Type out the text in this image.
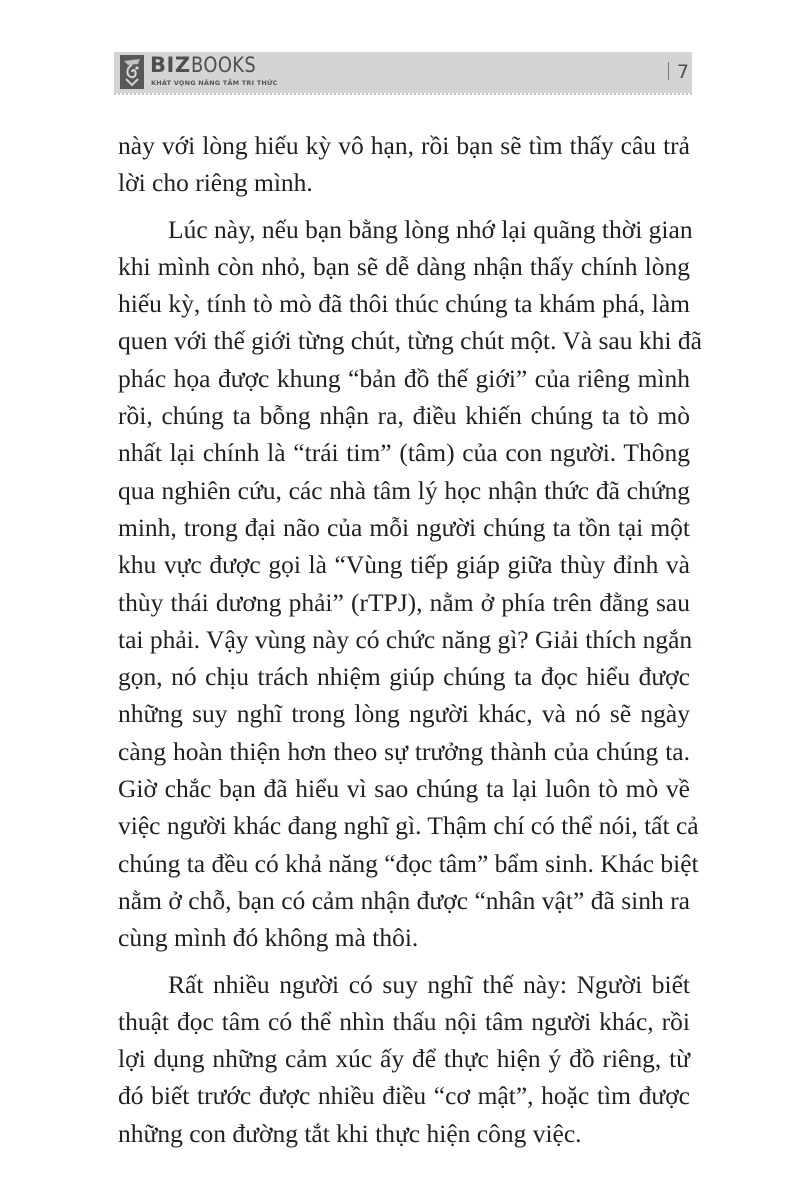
BIZBOOKS
KHÁT VỌNG NÂNG TẦM TRI THỨC	7

này với lòng hiếu kỳ vô hạn, rồi bạn sẽ tìm thấy câu trả
lời cho riêng mình.

Lúc này, nếu bạn bằng lòng nhớ lại quãng thời gian
khi mình còn nhỏ, bạn sẽ dễ dàng nhận thấy chính lòng
hiếu kỳ, tính tò mò đã thôi thúc chúng ta khám phá, làm
quen với thế giới từng chút, từng chút một. Và sau khi đã
phác họa được khung “bản đồ thế giới” của riêng mình
rồi, chúng ta bỗng nhận ra, điều khiến chúng ta tò mò
nhất lại chính là “trái tim” (tâm) của con người. Thông
qua nghiên cứu, các nhà tâm lý học nhận thức đã chứng
minh, trong đại não của mỗi người chúng ta tồn tại một
khu vực được gọi là “Vùng tiếp giáp giữa thùy đỉnh và
thùy thái dương phải” (rTPJ), nằm ở phía trên đằng sau
tai phải. Vậy vùng này có chức năng gì? Giải thích ngắn
gọn, nó chịu trách nhiệm giúp chúng ta đọc hiểu được
những suy nghĩ trong lòng người khác, và nó sẽ ngày
càng hoàn thiện hơn theo sự trưởng thành của chúng ta.
Giờ chắc bạn đã hiểu vì sao chúng ta lại luôn tò mò về
việc người khác đang nghĩ gì. Thậm chí có thể nói, tất cả
chúng ta đều có khả năng “đọc tâm” bẩm sinh. Khác biệt
nằm ở chỗ, bạn có cảm nhận được “nhân vật” đã sinh ra
cùng mình đó không mà thôi.

Rất nhiều người có suy nghĩ thế này: Người biết
thuật đọc tâm có thể nhìn thấu nội tâm người khác, rồi
lợi dụng những cảm xúc ấy để thực hiện ý đồ riêng, từ
đó biết trước được nhiều điều “cơ mật”, hoặc tìm được
những con đường tắt khi thực hiện công việc.
